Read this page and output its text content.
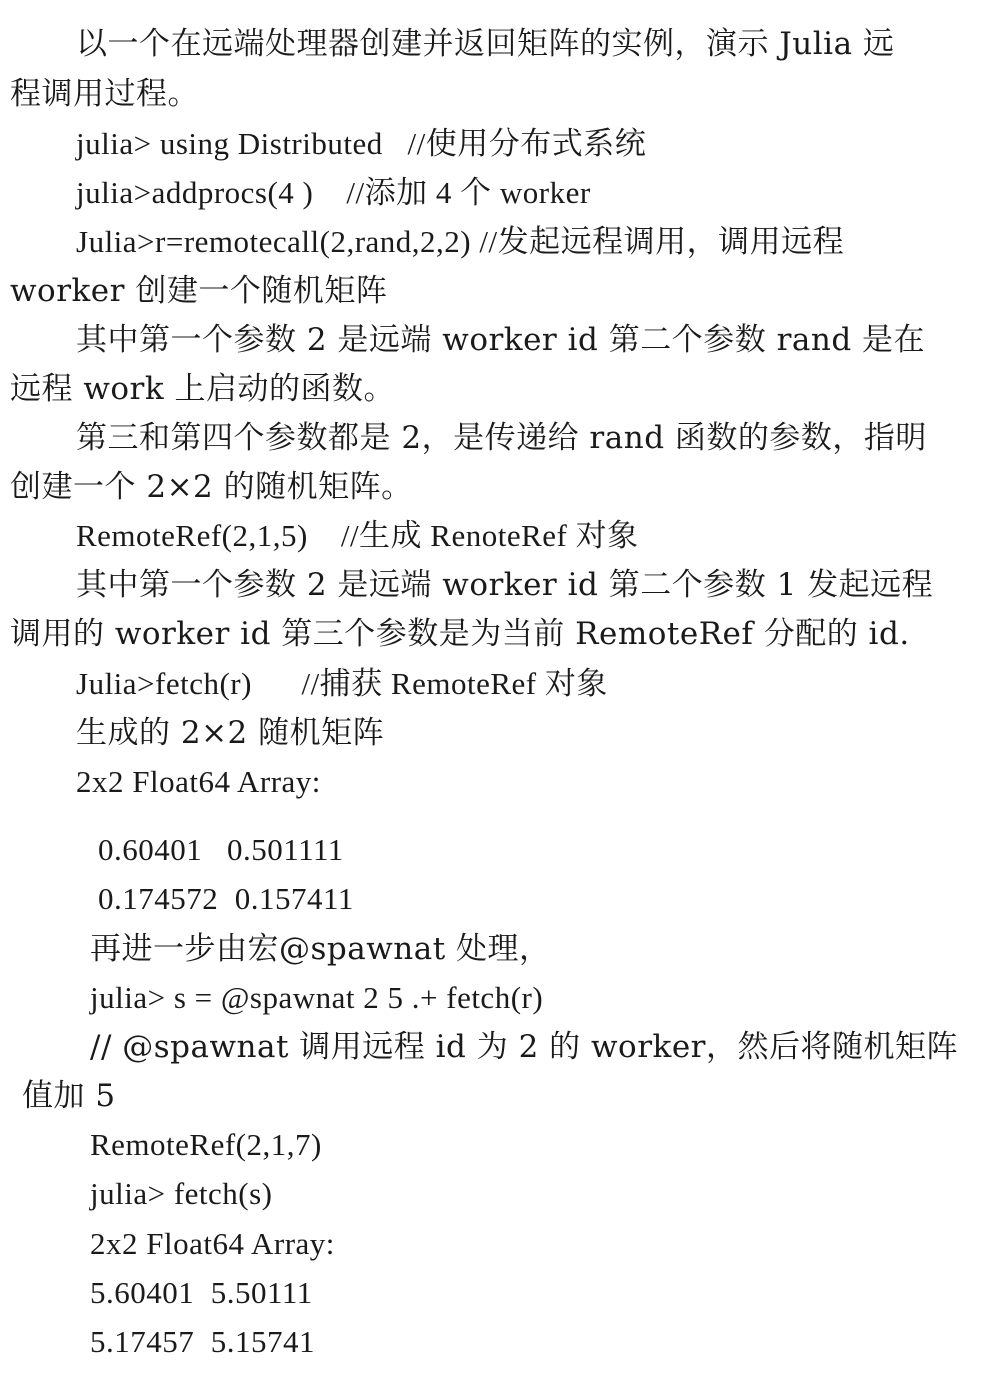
以一个在远端处理器创建并返回矩阵的实例，演示 Julia 远
程调用过程。
julia> using Distributed   //使用分布式系统
julia>addprocs(4 )    //添加 4 个 worker
Julia>r=remotecall(2,rand,2,2) //发起远程调用，调用远程
worker 创建一个随机矩阵
其中第一个参数 2 是远端 worker id 第二个参数 rand 是在
远程 work 上启动的函数。
第三和第四个参数都是 2，是传递给 rand 函数的参数，指明
创建一个 2×2 的随机矩阵。
RemoteRef(2,1,5)    //生成 RenoteRef 对象
其中第一个参数 2 是远端 worker id 第二个参数 1 发起远程
调用的 worker id 第三个参数是为当前 RemoteRef 分配的 id.
Julia>fetch(r)      //捕获 RemoteRef 对象
生成的 2×2 随机矩阵
2x2 Float64 Array:
0.60401   0.501111
0.174572  0.157411
再进一步由宏@spawnat 处理，
julia> s = @spawnat 2 5 .+ fetch(r)
// @spawnat 调用远程 id 为 2 的 worker，然后将随机矩阵
值加 5
RemoteRef(2,1,7)
julia> fetch(s)
2x2 Float64 Array:
5.60401  5.50111
5.17457  5.15741
